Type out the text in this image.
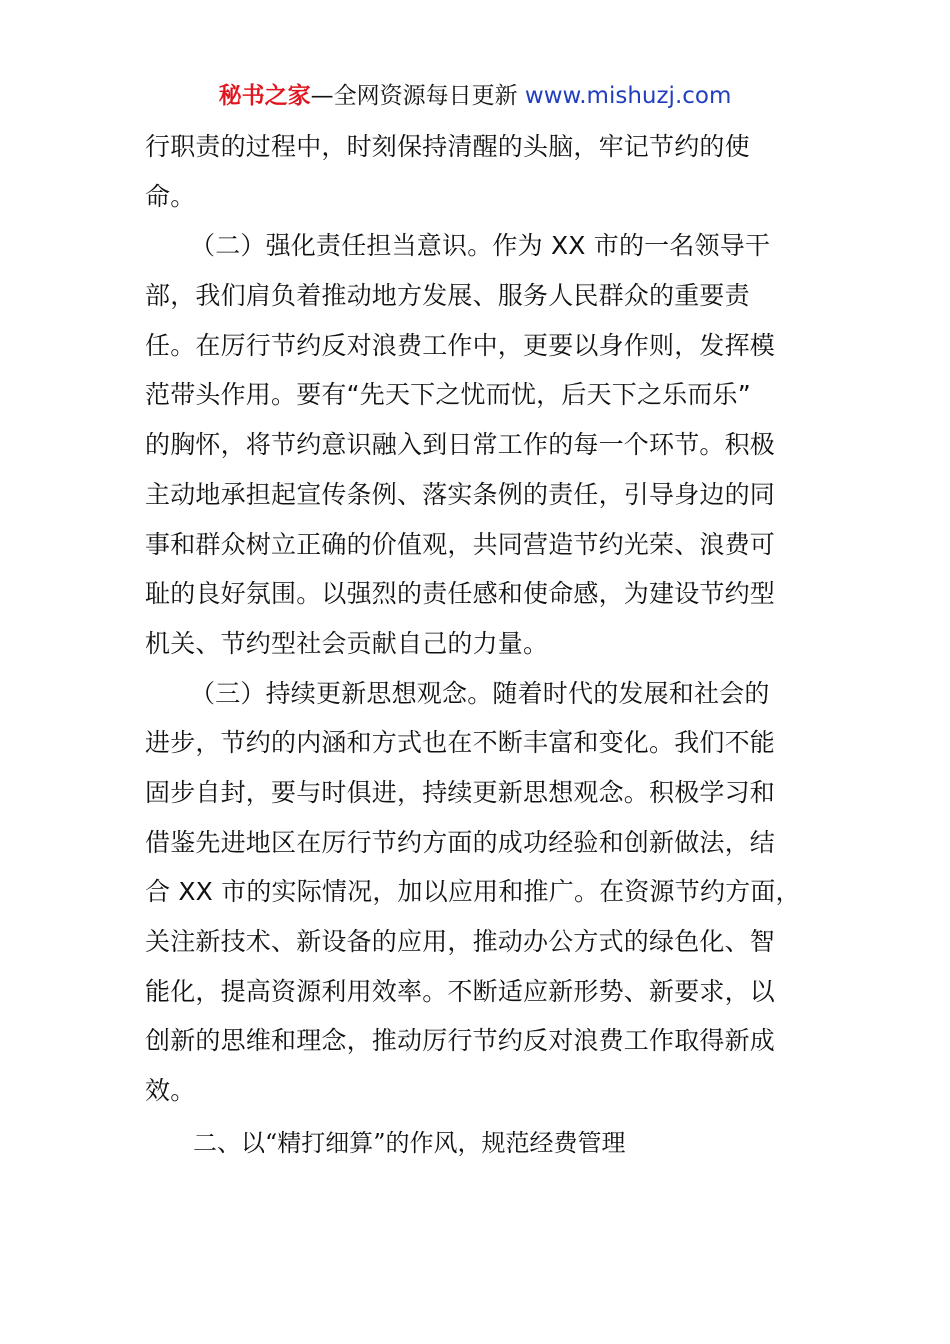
秘书之家—全网资源每日更新 www.mishuzj.com
行职责的过程中，时刻保持清醒的头脑，牢记节约的使
命。
（二）强化责任担当意识。作为 XX 市的一名领导干
部，我们肩负着推动地方发展、服务人民群众的重要责
任。在厉行节约反对浪费工作中，更要以身作则，发挥模
范带头作用。要有“先天下之忧而忧，后天下之乐而乐”
的胸怀，将节约意识融入到日常工作的每一个环节。积极
主动地承担起宣传条例、落实条例的责任，引导身边的同
事和群众树立正确的价值观，共同营造节约光荣、浪费可
耻的良好氛围。以强烈的责任感和使命感，为建设节约型
机关、节约型社会贡献自己的力量。
（三）持续更新思想观念。随着时代的发展和社会的
进步，节约的内涵和方式也在不断丰富和变化。我们不能
固步自封，要与时俱进，持续更新思想观念。积极学习和
借鉴先进地区在厉行节约方面的成功经验和创新做法，结
合 XX 市的实际情况，加以应用和推广。在资源节约方面，
关注新技术、新设备的应用，推动办公方式的绿色化、智
能化，提高资源利用效率。不断适应新形势、新要求，以
创新的思维和理念，推动厉行节约反对浪费工作取得新成
效。
二、以“精打细算”的作风，规范经费管理
